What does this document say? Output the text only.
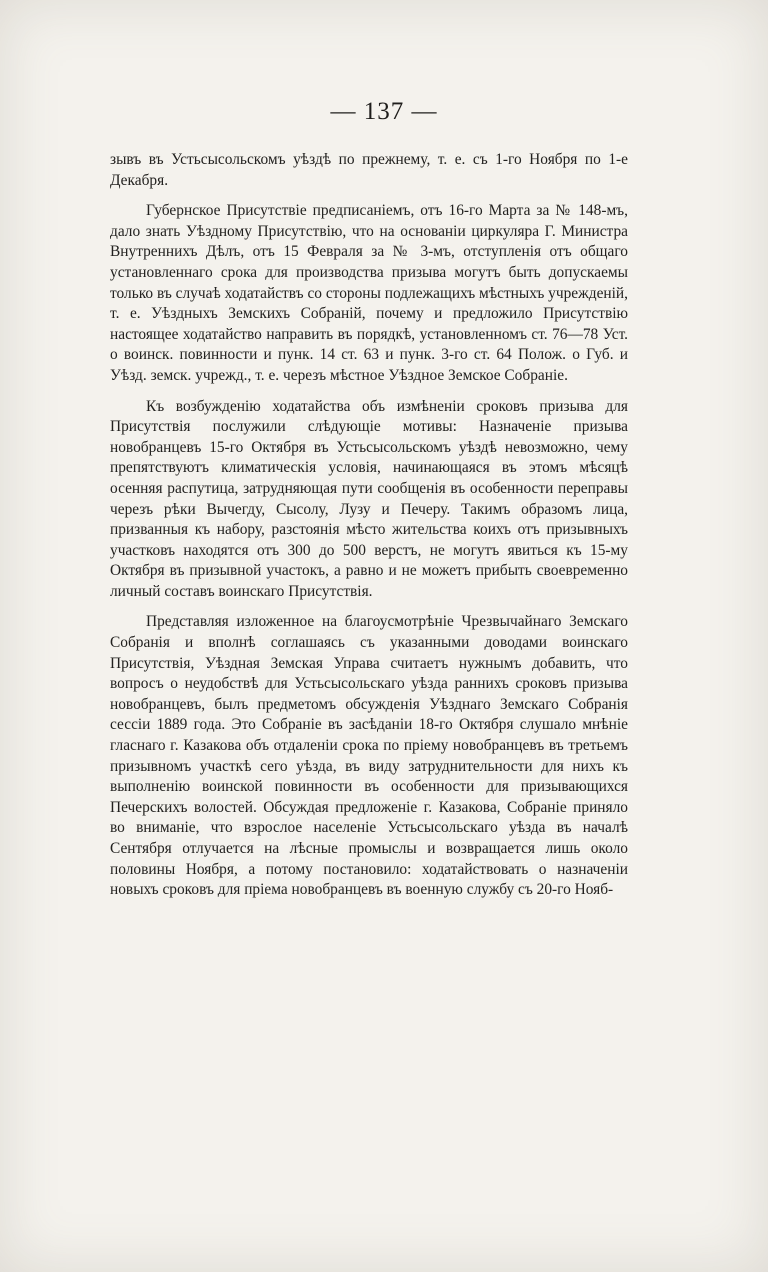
— 137 —

зывъ въ Устьсысольскомъ уѣздѣ по прежнему, т. е. съ 1-го Ноября по 1-е Декабря.

Губернское Присутствіе предписаніемъ, отъ 16-го Марта за № 148-мъ, дало знать Уѣздному Присутствію, что на основанiи циркуляра Г. Министра Внутреннихъ Дѣлъ, отъ 15 Февраля за № 3-мъ, отступленія отъ общаго установленнаго срока для производства призыва могутъ быть допускаемы только въ случаѣ ходатайствъ со стороны подлежащихъ мѣстныхъ учрежденій, т. е. Уѣздныхъ Земскихъ Собраній, почему и предложило Присутствію настоящее ходатайство направить въ порядкѣ, установленномъ ст. 76—78 Уст. о воинск. повинности и пунк. 14 ст. 63 и пунк. 3-го ст. 64 Полож. о Губ. и Уѣзд. земск. учрежд., т. е. черезъ мѣстное Уѣздное Земское Собраніе.

Къ возбужденію ходатайства объ измѣненіи сроковъ призыва для Присутствія послужили слѣдующіе мотивы: Назначеніе призыва новобранцевъ 15-го Октября въ Устьсысольскомъ уѣздѣ невозможно, чему препятствуютъ климатическія условія, начинающаяся въ этомъ мѣсяцѣ осенняя распутица, затрудняющая пути сообщенія въ особенности переправы черезъ рѣки Вычегду, Сысолу, Лузу и Печеру. Такимъ образомъ лица, призванныя къ набору, разстоянія мѣсто жительства коихъ отъ призывныхъ участковъ находятся отъ 300 до 500 верстъ, не могутъ явиться къ 15-му Октября въ призывной участокъ, а равно и не можетъ прибыть своевременно личный составъ воинскаго Присутствія.

Представляя изложенное на благоусмотрѣніе Чрезвычайнаго Земскаго Собранія и вполнѣ соглашаясь съ указанными доводами воинскаго Присутствія, Уѣздная Земская Управа считаетъ нужнымъ добавить, что вопросъ о неудобствѣ для Устьсысольскаго уѣзда раннихъ сроковъ призыва новобранцевъ, былъ предметомъ обсужденія Уѣзднаго Земскаго Собранія сессіи 1889 года. Это Собраніе въ засѣданіи 18-го Октября слушало мнѣніе гласнаго г. Казакова объ отдаленіи срока по пріему новобранцевъ въ третьемъ призывномъ участкѣ сего уѣзда, въ виду затруднительности для нихъ къ выполненію воинской повинности въ особенности для призывающихся Печерскихъ волостей. Обсуждая предложеніе г. Казакова, Собраніе приняло во вниманіе, что взрослое населеніе Устьсысольскаго уѣзда въ началѣ Сентября отлучается на лѣсные промыслы и возвращается лишь около половины Ноября, а потому постановило: ходатайствовать о назначеніи новыхъ сроковъ для пріема новобранцевъ въ военную службу съ 20-го Нояб-
